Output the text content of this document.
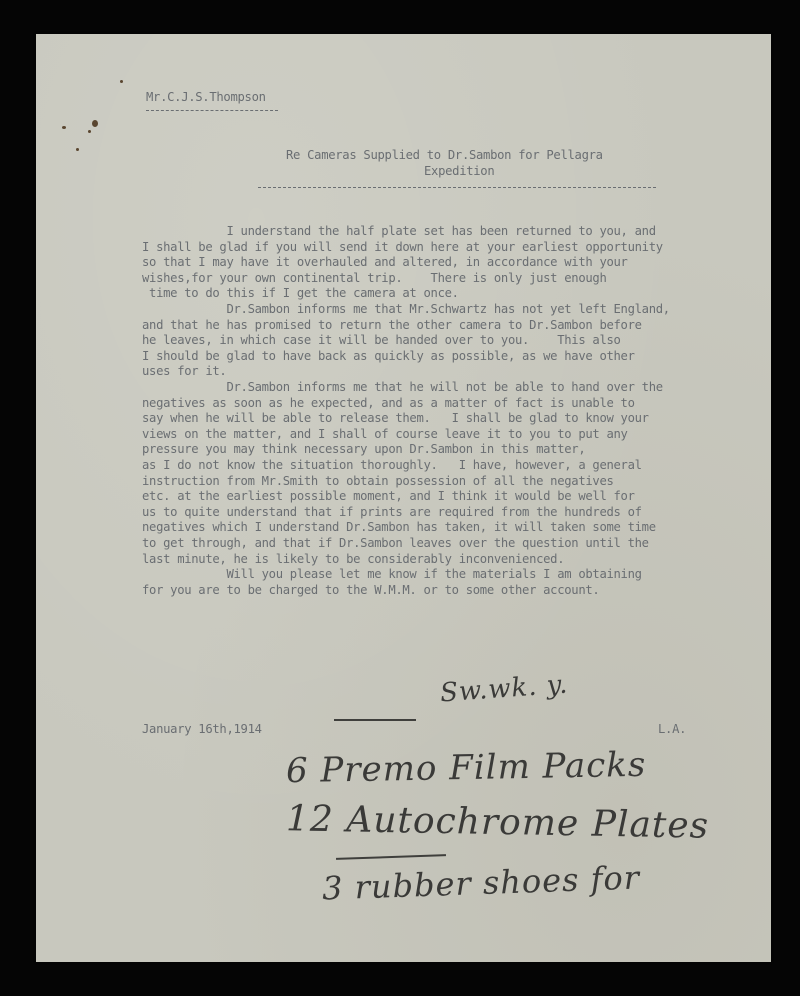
Mr.C.J.S.Thompson
Re Cameras Supplied to Dr.Sambon for Pellagra
Expedition
I understand the half plate set has been returned to you, and
I shall be glad if you will send it down here at your earliest opportunity
so that I may have it overhauled and altered, in accordance with your
wishes,for your own continental trip.    There is only just enough
time to do this if I get the camera at once.
Dr.Sambon informs me that Mr.Schwartz has not yet left England,
and that he has promised to return the other camera to Dr.Sambon before
he leaves, in which case it will be handed over to you.    This also
I should be glad to have back as quickly as possible, as we have other
uses for it.
Dr.Sambon informs me that he will not be able to hand over the
negatives as soon as he expected, and as a matter of fact is unable to
say when he will be able to release them.   I shall be glad to know your
views on the matter, and I shall of course leave it to you to put any
pressure you may think necessary upon Dr.Sambon in this matter,
as I do not know the situation thoroughly.   I have, however, a general
instruction from Mr.Smith to obtain possession of all the negatives
etc. at the earliest possible moment, and I think it would be well for
us to quite understand that if prints are required from the hundreds of
negatives which I understand Dr.Sambon has taken, it will taken some time
to get through, and that if Dr.Sambon leaves over the question until the
last minute, he is likely to be considerably inconvenienced.
Will you please let me know if the materials I am obtaining
for you are to be charged to the W.M.M. or to some other account.
Sw.wk. y.
January 16th,1914	L.A.
6 Premo Film Packs
12 Autochrome Plates
3 rubber shoes for
